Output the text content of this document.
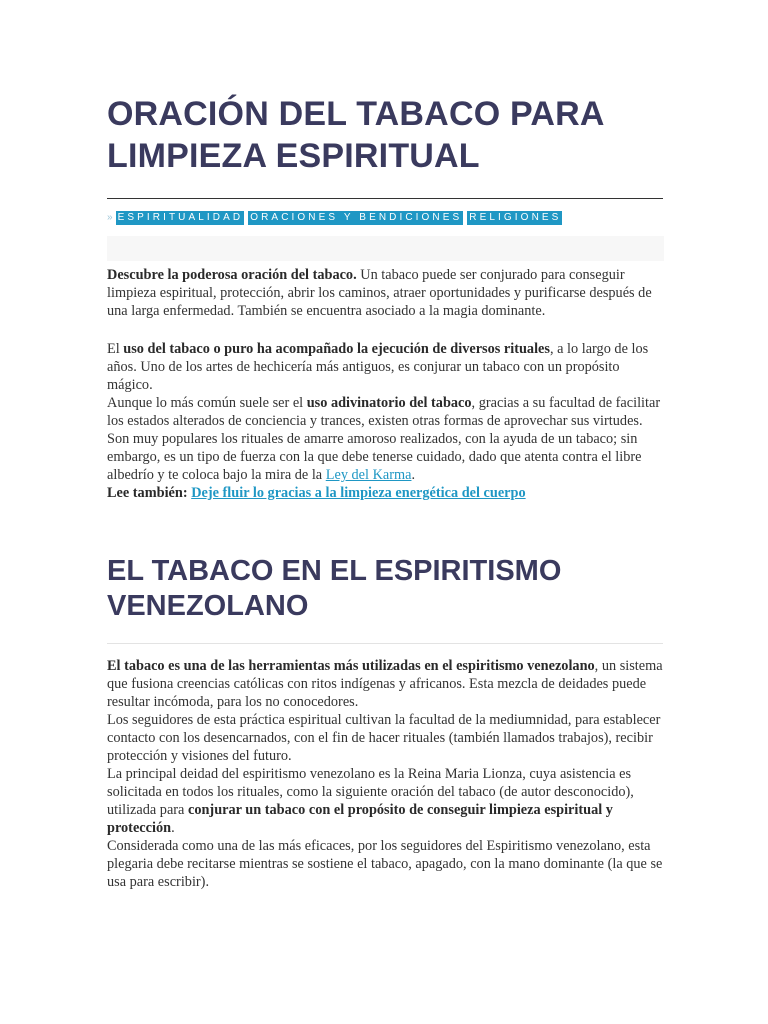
ORACIÓN DEL TABACO PARA LIMPIEZA ESPIRITUAL
» ESPIRITUALIDAD ORACIONES Y BENDICIONES RELIGIONES

Descubre la poderosa oración del tabaco. Un tabaco puede ser conjurado para conseguir limpieza espiritual, protección, abrir los caminos, atraer oportunidades y purificarse después de una larga enfermedad. También se encuentra asociado a la magia dominante.

El uso del tabaco o puro ha acompañado la ejecución de diversos rituales, a lo largo de los años. Uno de los artes de hechicería más antiguos, es conjurar un tabaco con un propósito mágico.
Aunque lo más común suele ser el uso adivinatorio del tabaco, gracias a su facultad de facilitar los estados alterados de conciencia y trances, existen otras formas de aprovechar sus virtudes.
Son muy populares los rituales de amarre amoroso realizados, con la ayuda de un tabaco; sin embargo, es un tipo de fuerza con la que debe tenerse cuidado, dado que atenta contra el libre albedrío y te coloca bajo la mira de la Ley del Karma.
Lee también: Deje fluir lo gracias a la limpieza energética del cuerpo

EL TABACO EN EL ESPIRITISMO VENEZOLANO

El tabaco es una de las herramientas más utilizadas en el espiritismo venezolano, un sistema que fusiona creencias católicas con ritos indígenas y africanos. Esta mezcla de deidades puede resultar incómoda, para los no conocedores.
Los seguidores de esta práctica espiritual cultivan la facultad de la mediumnidad, para establecer contacto con los desencarnados, con el fin de hacer rituales (también llamados trabajos), recibir protección y visiones del futuro.
La principal deidad del espiritismo venezolano es la Reina Maria Lionza, cuya asistencia es solicitada en todos los rituales, como la siguiente oración del tabaco (de autor desconocido), utilizada para conjurar un tabaco con el propósito de conseguir limpieza espiritual y protección.
Considerada como una de las más eficaces, por los seguidores del Espiritismo venezolano, esta plegaria debe recitarse mientras se sostiene el tabaco, apagado, con la mano dominante (la que se usa para escribir).
